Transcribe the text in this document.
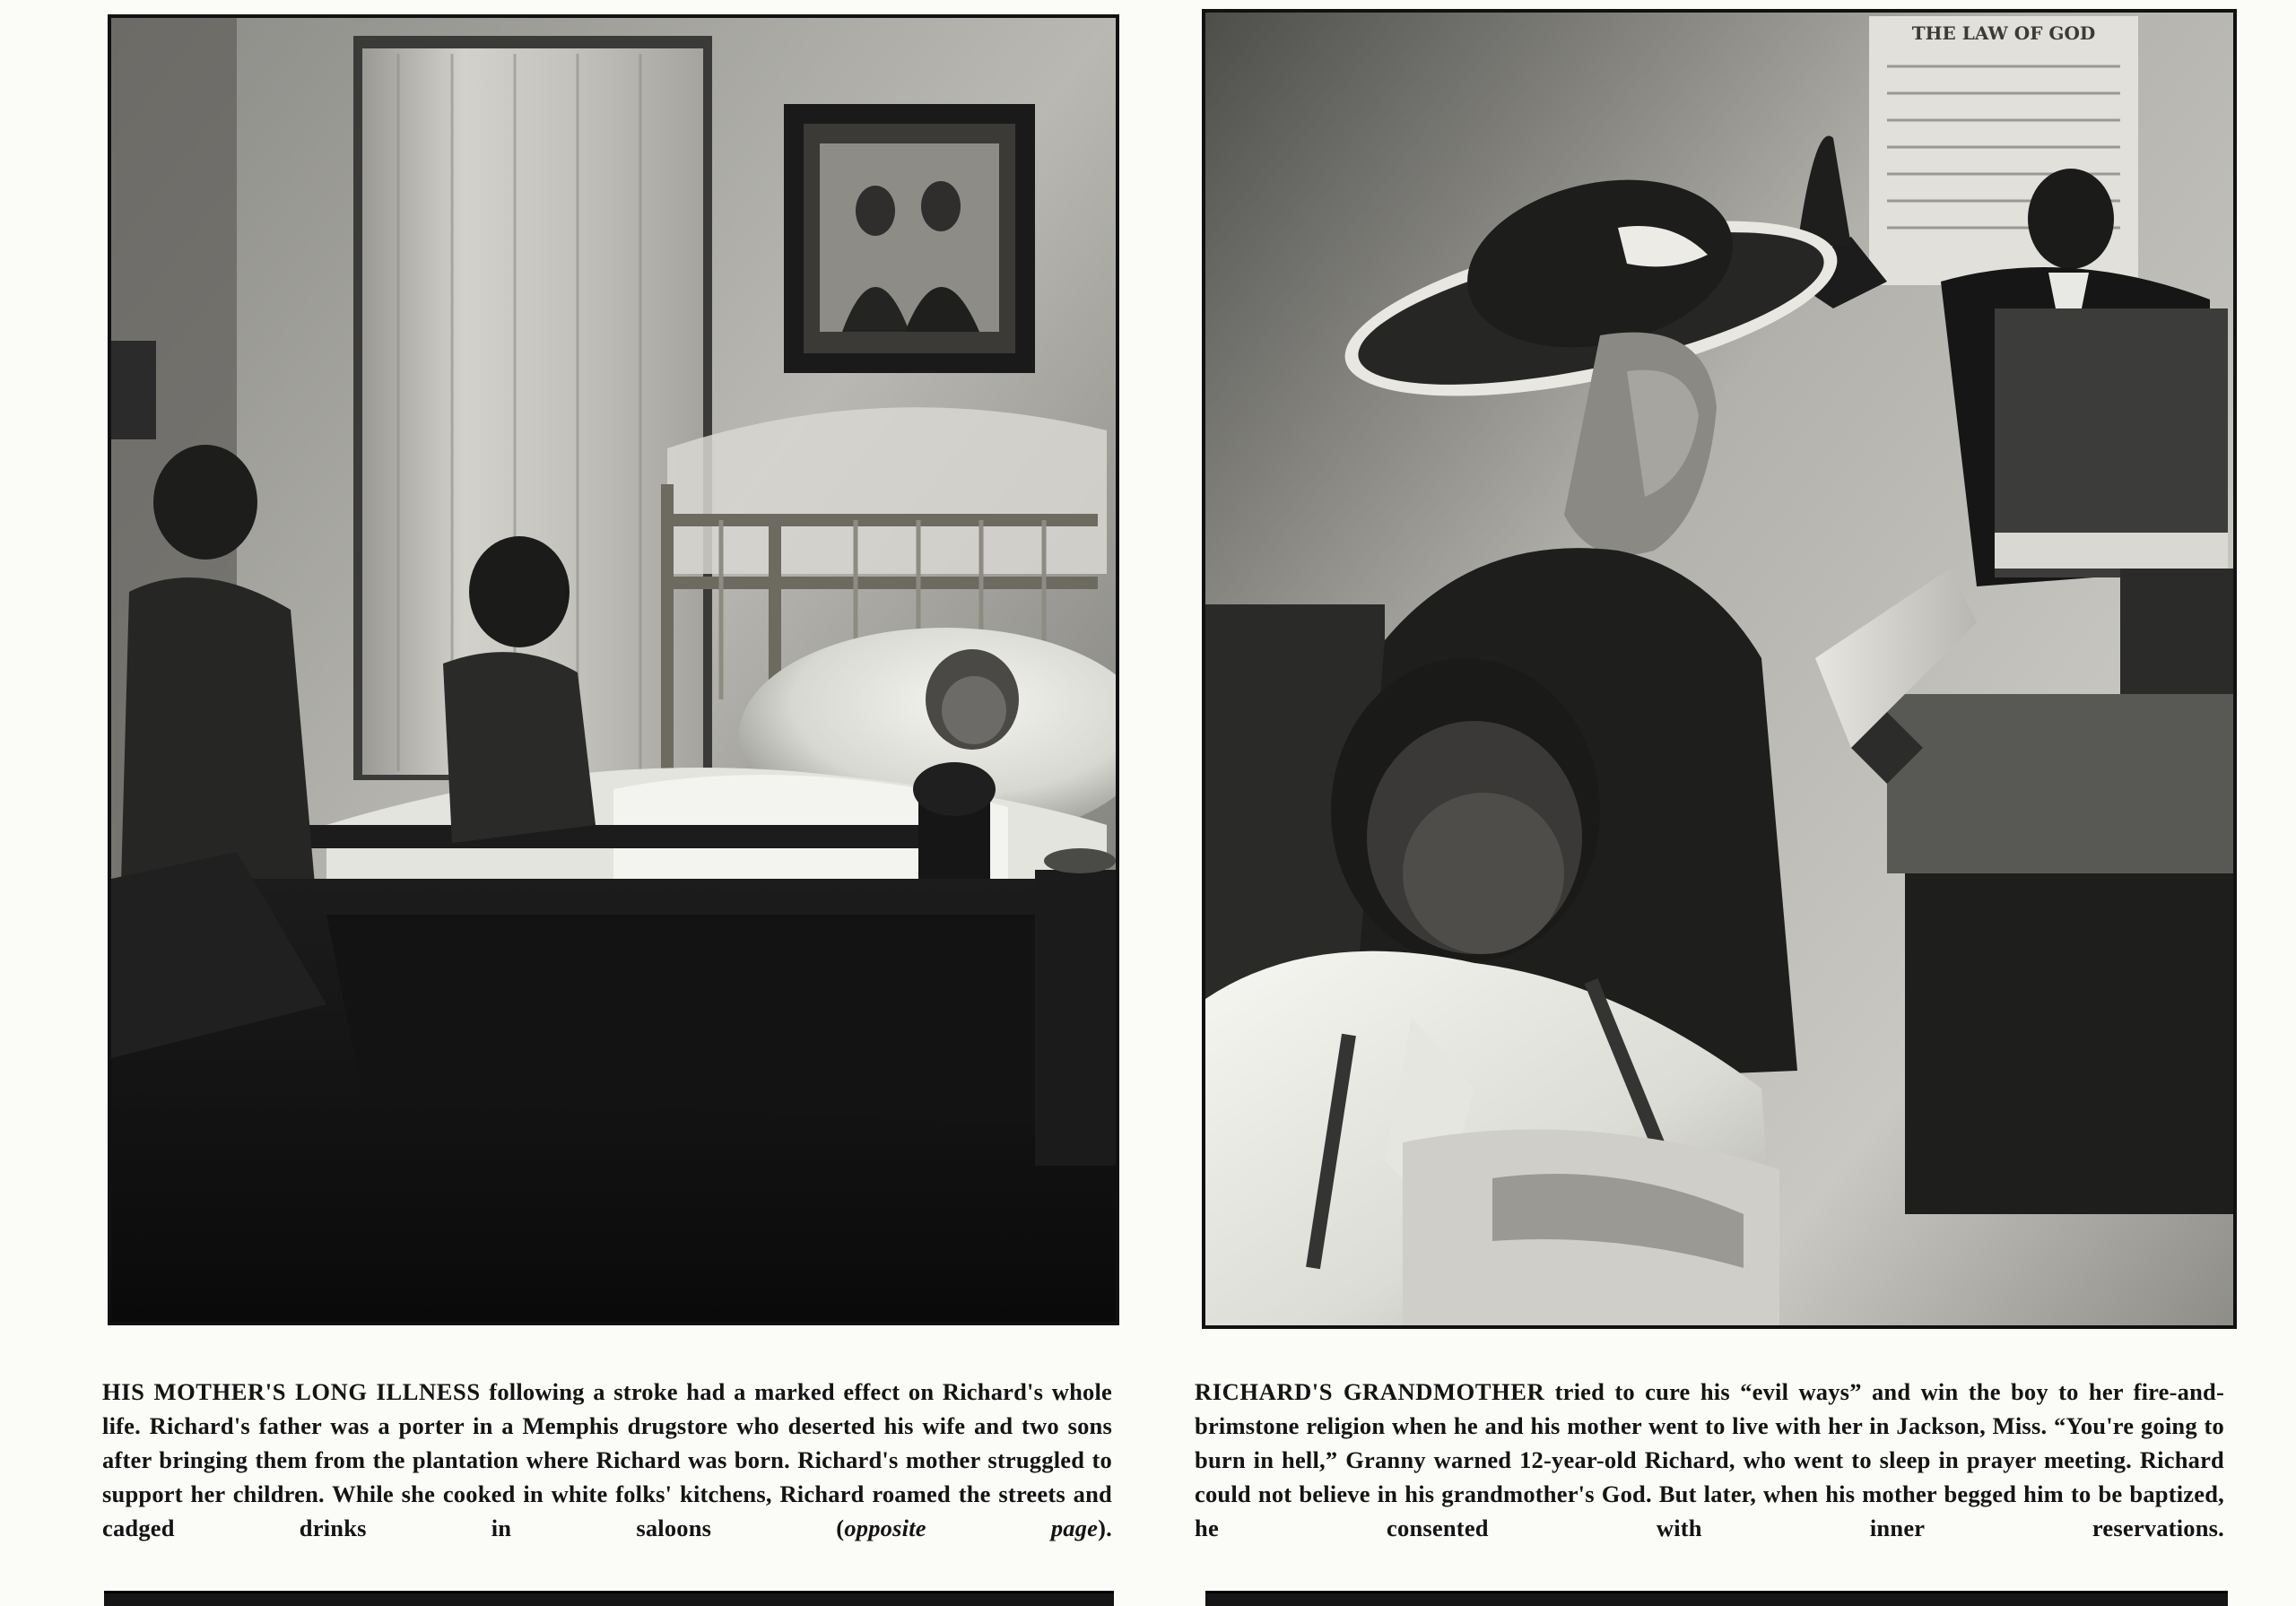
THE LAW OF GOD

HIS MOTHER'S LONG ILLNESS following a stroke had a marked effect on Richard's whole life. Richard's father was a porter in a Memphis drugstore who deserted his wife and two sons after bringing them from the plantation where Richard was born. Richard's mother struggled to support her children. While she cooked in white folks' kitchens, Richard roamed the streets and cadged drinks in saloons (opposite page).

RICHARD'S GRANDMOTHER tried to cure his “evil ways” and win the boy to her fire-and-brimstone religion when he and his mother went to live with her in Jackson, Miss. “You're going to burn in hell,” Granny warned 12-year-old Richard, who went to sleep in prayer meeting. Richard could not believe in his grandmother's God. But later, when his mother begged him to be baptized, he consented with inner reservations.
